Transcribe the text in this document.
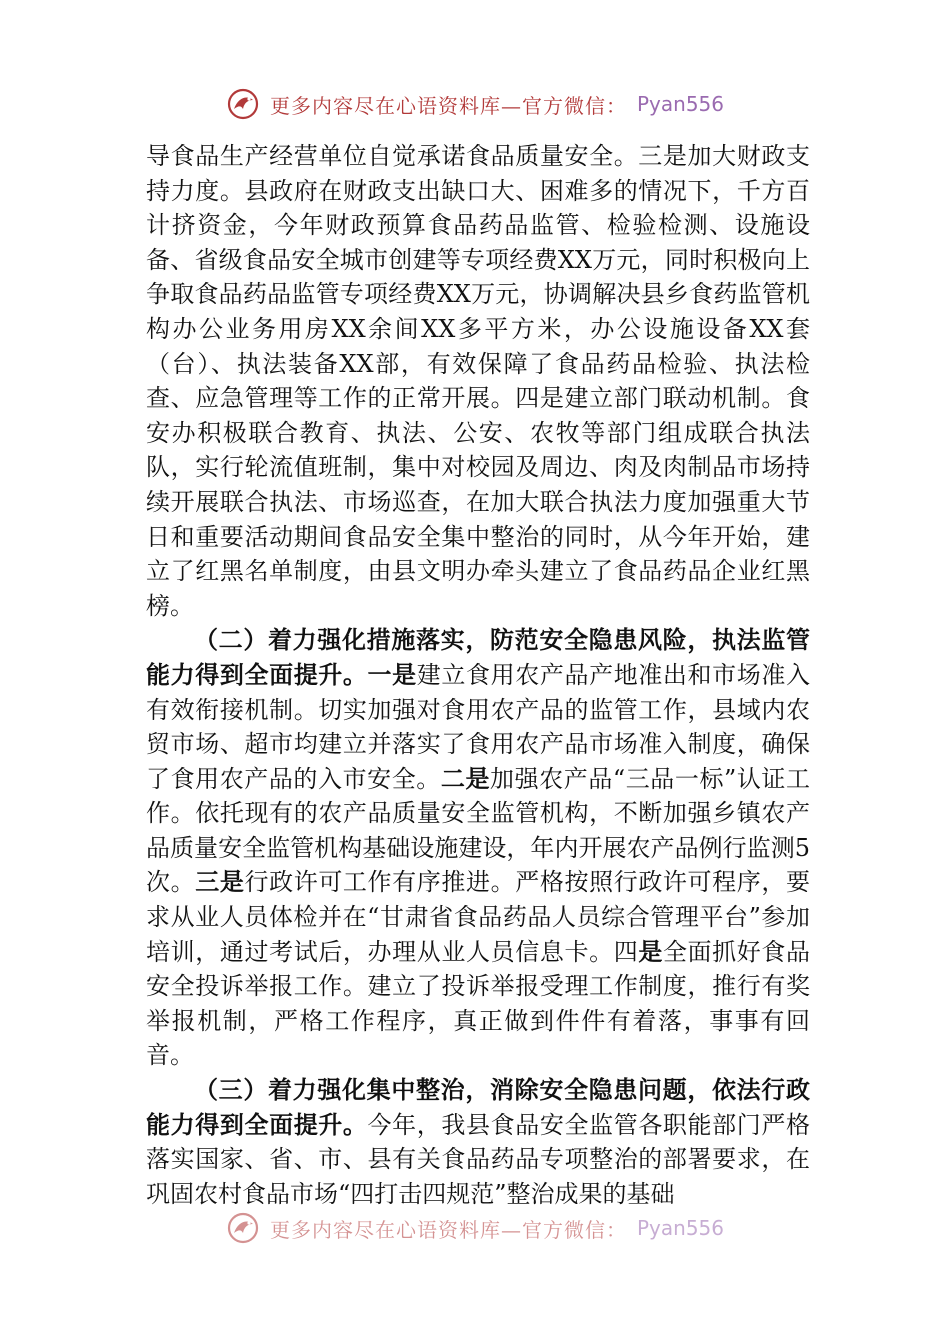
更多内容尽在心语资料库—官方微信： Pyan556

导食品生产经营单位自觉承诺食品质量安全。三是加大财政支持力度。县政府在财政支出缺口大、困难多的情况下，千方百计挤资金，今年财政预算食品药品监管、检验检测、设施设备、省级食品安全城市创建等专项经费XX万元，同时积极向上争取食品药品监管专项经费XX万元，协调解决县乡食药监管机构办公业务用房XX余间XX多平方米，办公设施设备XX套（台）、执法装备XX部，有效保障了食品药品检验、执法检查、应急管理等工作的正常开展。四是建立部门联动机制。食安办积极联合教育、执法、公安、农牧等部门组成联合执法队，实行轮流值班制，集中对校园及周边、肉及肉制品市场持续开展联合执法、市场巡查，在加大联合执法力度加强重大节日和重要活动期间食品安全集中整治的同时，从今年开始，建立了红黑名单制度，由县文明办牵头建立了食品药品企业红黑榜。

（二）着力强化措施落实，防范安全隐患风险，执法监管能力得到全面提升。一是建立食用农产品产地准出和市场准入有效衔接机制。切实加强对食用农产品的监管工作，县域内农贸市场、超市均建立并落实了食用农产品市场准入制度，确保了食用农产品的入市安全。二是加强农产品“三品一标”认证工作。依托现有的农产品质量安全监管机构，不断加强乡镇农产品质量安全监管机构基础设施建设，年内开展农产品例行监测5次。三是行政许可工作有序推进。严格按照行政许可程序，要求从业人员体检并在“甘肃省食品药品人员综合管理平台”参加培训，通过考试后，办理从业人员信息卡。四是全面抓好食品安全投诉举报工作。建立了投诉举报受理工作制度，推行有奖举报机制，严格工作程序，真正做到件件有着落，事事有回音。

（三）着力强化集中整治，消除安全隐患问题，依法行政能力得到全面提升。今年，我县食品安全监管各职能部门严格落实国家、省、市、县有关食品药品专项整治的部署要求，在巩固农村食品市场“四打击四规范”整治成果的基础

更多内容尽在心语资料库—官方微信： Pyan556
